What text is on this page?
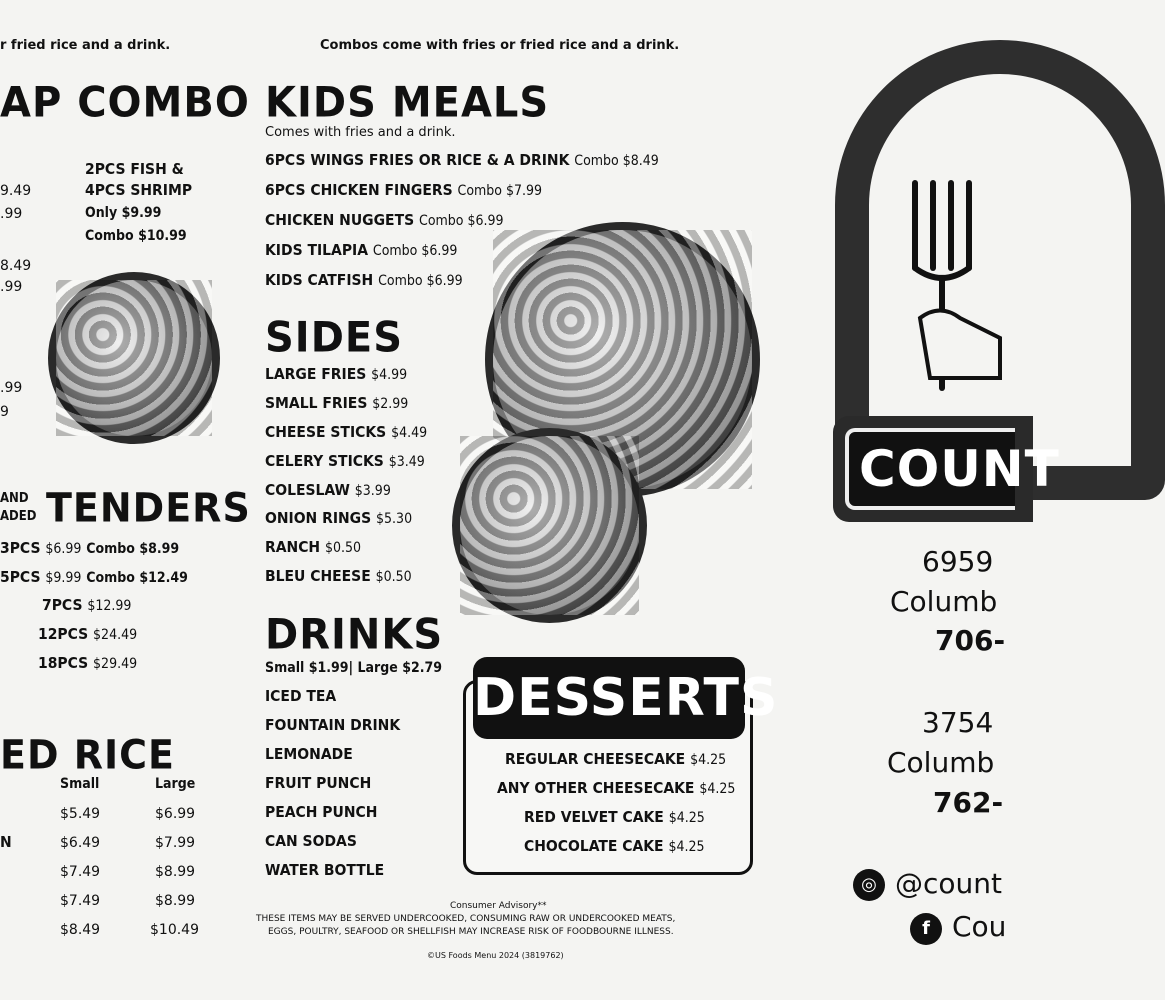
r fried rice and a drink.
AP COMBO
2PCS FISH &
4PCS SHRIMP
Only $9.99
Combo $10.99
9.49
.99
8.49
.99
.99
9
AND
ADED TENDERS
3PCS $6.99 Combo $8.99
5PCS $9.99 Combo $12.49
7PCS $12.99
12PCS $24.49
18PCS $29.49
ED RICE
Small	Large
$5.49	$6.99
N	$6.49	$7.99
$7.49	$8.99
$7.49	$8.99
$8.49	$10.49
Combos come with fries or fried rice and a drink.
KIDS MEALS
Comes with fries and a drink.
6PCS WINGS FRIES OR RICE & A DRINK Combo $8.49
6PCS CHICKEN FINGERS Combo $7.99
CHICKEN NUGGETS Combo $6.99
KIDS TILAPIA Combo $6.99
KIDS CATFISH Combo $6.99
SIDES
LARGE FRIES $4.99
SMALL FRIES $2.99
CHEESE STICKS $4.49
CELERY STICKS $3.49
COLESLAW $3.99
ONION RINGS $5.30
RANCH $0.50
BLEU CHEESE $0.50
DRINKS
Small $1.99| Large $2.79
ICED TEA
FOUNTAIN DRINK
LEMONADE
FRUIT PUNCH
PEACH PUNCH
CAN SODAS
WATER BOTTLE
DESSERTS
REGULAR CHEESECAKE $4.25
ANY OTHER CHEESECAKE $4.25
RED VELVET CAKE $4.25
CHOCOLATE CAKE $4.25
Consumer Advisory**
THESE ITEMS MAY BE SERVED UNDERCOOKED, CONSUMING RAW OR UNDERCOOKED MEATS,
EGGS, POULTRY, SEAFOOD OR SHELLFISH MAY INCREASE RISK OF FOODBOURNE ILLNESS.
©US Foods Menu 2024 (3819762)
COUNT
6959
Columb
706-
3754
Columb
762-
◎ @count
f Cou
